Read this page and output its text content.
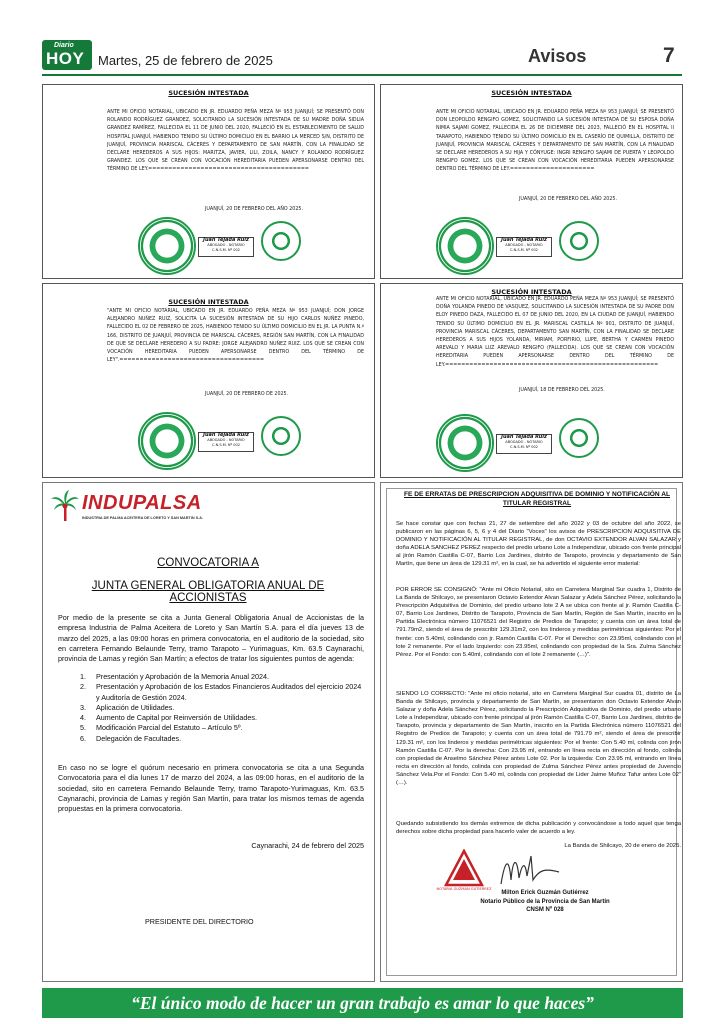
Diario
HOY Martes, 25 de febrero de 2025	Avisos	7
SUCESIÓN INTESTADA
ANTE MI OFICIO NOTARIAL, UBICADO EN JR. EDUARDO PEÑA MEZA Nº 953 JUANJUÍ; SE PRESENTÓ DON ROLANDO RODRÍGUEZ GRANDEZ, SOLICITANDO LA SUCESIÓN INTESTADA DE SU MADRE DOÑA SIDLIA GRANDEZ RAMÍREZ, FALLECIDA EL 11 DE JUNIO DEL 2020, FALLECIÓ EN EL ESTABLECIMIENTO DE SALUD HOSPITAL JUANJUÍ, HABIENDO TENIDO SU ÚLTIMO DOMICILIO EN EL BARRIO LA MERCED S/N, DISTRITO DE JUANJUÍ, PROVINCIA MARISCAL CÁCERES Y DEPARTAMENTO DE SAN MARTÍN, CON LA FINALIDAD SE DECLARE HEREDEROS A SUS HIJOS: MARITZA, JAVIER, LILI, ZOILA, NANCY Y ROLANDO RODRÍGUEZ GRANDEZ. LOS QUE SE CREAN CON VOCACIÓN HEREDITARIA PUEDEN APERSONARSE DENTRO DEL TÉRMINO DE LEY.========================================
JUANJUÍ, 20 DE FEBRERO DEL AÑO 2025.
Juan Tejada Ruiz
ABOGADO - NOTARIO
C.N.S.M. Nº 002
SUCESIÓN INTESTADA
ANTE MI OFICIO NOTARIAL, UBICADO EN JR. EDUARDO PEÑA MEZA Nº 953 JUANJUÍ; SE PRESENTÓ DON LEOPOLDO RENGIFO GOMEZ, SOLICITANDO LA SUCESIÓN INTESTADA DE SU ESPOSA DOÑA NIMIA SAJAMI GOMEZ, FALLECIDA EL 26 DE DICIEMBRE DEL 2023, FALLECIÓ EN EL HOSPITAL II TARAPOTO, HABIENDO TENIDO SU ÚLTIMO DOMICILIO EN EL CASERÍO DE QUIMILLA, DISTRITO DE JUANJUÍ, PROVINCIA MARISCAL CÁCERES Y DEPARTAMENTO DE SAN MARTÍN, CON LA FINALIDAD SE DECLARE HEREDEROS A SU HIJA Y CÓNYUGE: INGRI RENGIFO SAJAMI DE PUERTA Y LEOPOLDO RENGIFO GOMEZ. LOS QUE SE CREAN CON VOCACIÓN HEREDITARIA PUEDEN APERSONARSE DENTRO DEL TÉRMINO DE LEY.=====================
JUANJUÍ, 20 DE FEBRERO DEL AÑO 2025.
Juan Tejada Ruiz
ABOGADO - NOTARIO
C.N.S.M. Nº 002
SUCESIÓN INTESTADA
"ANTE MI OFICIO NOTARIAL, UBICADO EN JR. EDUARDO PEÑA MEZA Nº 953 JUANJUÍ; DON JORGE ALEJANDRO NUÑEZ RUIZ, SOLICITA LA SUCESIÓN INTESTADA DE SU HIJO CARLOS NUÑEZ PINEDO, FALLECIDO EL 02 DE FEBRERO DE 2025, HABIENDO TENIDO SU ÚLTIMO DOMICILIO EN EL JR. LA PUNTA N.º 166, DISTRITO DE JUANJUÍ, PROVINCIA DE MARISCAL CÁCERES, REGIÓN SAN MARTÍN, CON LA FINALIDAD DE QUE SE DECLARE HEREDERO A SU PADRE: JORGE ALEJANDRO NUÑEZ RUIZ. LOS QUE SE CREAN CON VOCACIÓN HEREDITARIA PUEDEN APERSONARSE DENTRO DEL TÉRMINO DE LEY".====================================
JUANJUÍ, 20 DE FEBRERO DE 2025.
Juan Tejada Ruiz
ABOGADO - NOTARIO
C.N.S.M. Nº 002
SUCESIÓN INTESTADA
ANTE MI OFICIO NOTARIAL, UBICADO EN JR. EDUARDO PEÑA MEZA Nº 953 JUANJUÍ; SE PRESENTÓ DOÑA YOLANDA PINEDO DE VASQUEZ, SOLICITANDO LA SUCESIÓN INTESTADA DE SU PADRE DON ELOY PINEDO DAZA, FALLECIDO EL 07 DE JUNIO DEL 2020, EN LA CIUDAD DE JUANJUÍ, HABIENDO TENIDO SU ÚLTIMO DOMICILIO EN EL JR. MARISCAL CASTILLA Nº 901, DISTRITO DE JUANJUÍ, PROVINCIA MARISCAL CÁCERES, DEPARTAMENTO SAN MARTÍN, CON LA FINALIDAD SE DECLARE HEREDEROS A SUS HIJOS YOLANDA, MIRIAM, PORFIRIO, LUPE, BERTHA Y CARMEN PINEDO AREVALO Y MARIA LUZ AREVALO RENGIFO (FALLECIDA). LOS QUE SE CREAN CON VOCACIÓN HEREDITARIA PUEDEN APERSONARSE DENTRO DEL TÉRMINO DE LEY.=====================================================
JUANJUÍ, 18 DE FEBRERO DEL 2025.
Juan Tejada Ruiz
ABOGADO - NOTARIO
C.N.S.M. Nº 002
INDUPALSA
INDUSTRIA DE PALMA ACEITERA DE LORETO Y SAN MARTIN S.A.
CONVOCATORIA A
JUNTA GENERAL OBLIGATORIA ANUAL DE ACCIONISTAS
Por medio de la presente se cita a Junta General Obligatoria Anual de Accionistas de la empresa Industria de Palma Aceitera de Loreto y San Martín S.A. para el día jueves 13 de marzo del 2025, a las 09:00 horas en primera convocatoria, en el auditorio de la sociedad, sito en carretera Fernando Belaunde Terry, tramo Tarapoto – Yurimaguas, Km. 63.5 Caynarachi, provincia de Lamas y región San Martín; a efectos de tratar los siguientes puntos de agenda:
1. Presentación y Aprobación de la Memoria Anual 2024.
2. Presentación y Aprobación de los Estados Financieros Auditados del ejercicio 2024 y Auditoría de Gestión 2024.
3. Aplicación de Utilidades.
4. Aumento de Capital por Reinversión de Utilidades.
5. Modificación Parcial del Estatuto – Artículo 5º.
6. Delegación de Facultades.
En caso no se logre el quórum necesario en primera convocatoria se cita a una Segunda Convocatoria para el día lunes 17 de marzo del 2024, a las 09:00 horas, en el auditorio de la sociedad, sito en carretera Fernando Belaunde Terry, tramo Tarapoto-Yurimaguas, Km. 63.5 Caynarachi, provincia de Lamas y región San Martín, para tratar los mismos temas de agenda propuestas en la primera convocatoria.
Caynarachi, 24 de febrero del 2025
PRESIDENTE DEL DIRECTORIO
FE DE ERRATAS DE PRESCRIPCION ADQUISITIVA DE DOMINIO Y NOTIFICACIÓN AL TITULAR REGISTRAL
Se hace constar que con fechas 21, 27 de setiembre del año 2022 y 03 de octubre del año 2022, se publicaron en las páginas 6, 5, 6 y 4 del Diario "Voces" los avisos de PRESCRIPCION ADQUISITIVA DE DOMINIO Y NOTIFICACIÓN AL TITULAR REGISTRAL, de don OCTAVIO EXTENDOR ALVAN SALAZAR y doña ADELA SANCHEZ PEREZ respecto del predio urbano Lote a Independizar, ubicado con frente principal al jirón Ramón Castilla C-07, Barrio Los Jardines, distrito de Tarapoto, provincia y departamento de San Martín, que tiene un área de 129.31 m², en la cual, se ha advertido el siguiente error material:
POR ERROR SE CONSIGNÓ: "Ante mi Oficio Notarial, sito en Carretera Marginal Sur cuadra 1, Distrito de La Banda de Shilcayo, se presentaron Octavio Extendor Alvan Salazar y Adela Sánchez Pérez, solicitando la Prescripción Adquisitiva de Dominio, del predio urbano lote 2 A se ubica con frente al jr. Ramón Castilla C-07, Barrio Los Jardines, Distrito de Tarapoto, Provincia de San Martín, Región de San Martín, inscrito en la Partida Electrónica número 11076521 del Registro de Predios de Tarapoto; y cuenta con un área total de 791.79m2, siendo el área de prescribir 129.31m2, con los linderos y medidas perimétricas siguientes: Por el frente: con 5.40ml, colindando con jr. Ramón Castilla C-07. Por el Derecho: con 23.95ml, colindando con el lote 2 remanente. Por el lado Izquierdo: con 23.95ml, colindando con propiedad de la Sra. Zulma Sánchez Pérez. Por el Fondo: con 5.40ml, colindando con el lote 2 remanente (…)".
SIENDO LO CORRECTO: "Ante mi oficio notarial, sito en Carretera Marginal Sur cuadra 01, distrito de La Banda de Shilcayo, provincia y departamento de San Martín, se presentaron don Octavio Extendor Alvan Salazar y doña Adela Sánchez Pérez, solicitando la Prescripción Adquisitiva de Dominio, del predio urbano Lote a Independizar, ubicado con frente principal al jirón Ramón Castilla C-07, Barrio Los Jardines, distrito de Tarapoto, provincia y departamento de San Martín, inscrito en la Partida Electrónica número 11076521 del Registro de Predios de Tarapoto; y cuenta con un área total de 791.79 m², siendo el área de prescribir 129.31 m², con los linderos y medidas perimétricas siguientes: Por el frente: Con 5.40 ml, colinda con jirón Ramón Castilla C-07. Por la derecha: Con 23.95 ml, entrando en línea recta en dirección al fondo, colinda con propiedad de Anselmo Sánchez Pérez antes Lote 02. Por la izquierda: Con 23.95 ml, entrando en línea recta en dirección al fondo, colinda con propiedad de Zulma Sánchez Pérez antes propiedad de Juvencio Sánchez Vela.Por el Fondo: Con 5.40 ml, colinda con propiedad de Lider Jaime Muñoz Tafur antes Lote 02" (…).
Quedando subsistiendo los demás extremos de dicha publicación y convocándose a todo aquel que tenga derechos sobre dicha propiedad para hacerlo valer de acuerdo a ley.
La Banda de Shilcayo, 20 de enero de 2025.
NOTARIA GUZMAN GUTIERREZ
Milton Erick Guzmán Gutiérrez
Notario Público de la Provincia de San Martín
CNSM Nº 028
“El único modo de hacer un gran trabajo es amar lo que haces”
